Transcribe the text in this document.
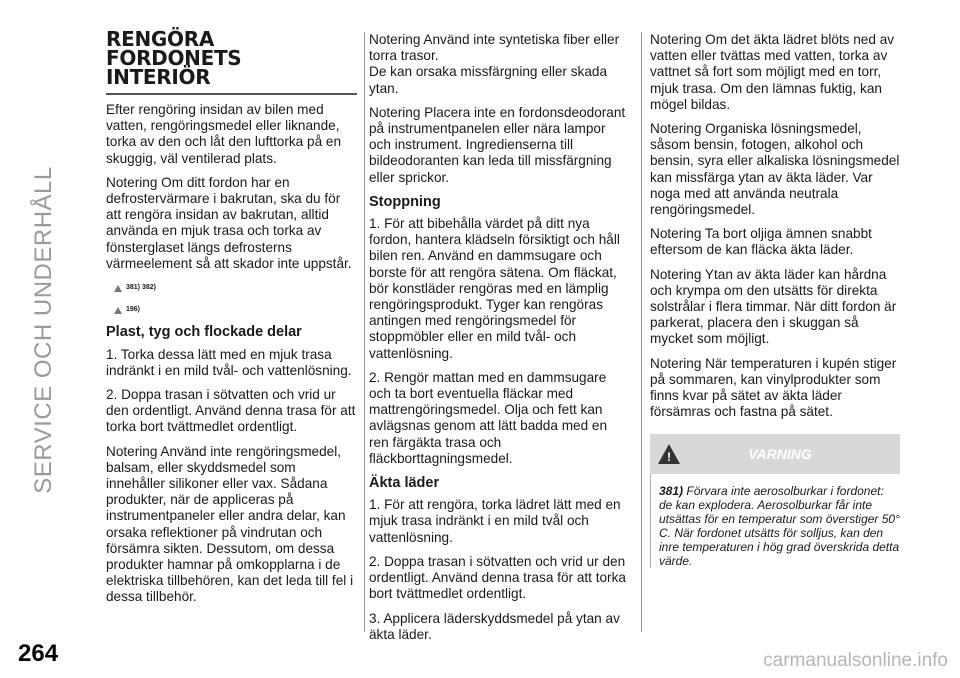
SERVICE OCH UNDERHÅLL
RENGÖRA
FORDONETS
INTERIÖR

Efter rengöring insidan av bilen med vatten, rengöringsmedel eller liknande, torka av den och låt den lufttorka på en skuggig, väl ventilerad plats.

Notering Om ditt fordon har en defrostervärmare i bakrutan, ska du för att rengöra insidan av bakrutan, alltid använda en mjuk trasa och torka av fönsterglaset längs defrosterns värmeelement så att skador inte uppstår.

381) 382)
196)
Plast, tyg och flockade delar

1. Torka dessa lätt med en mjuk trasa indränkt i en mild tvål- och vattenlösning.

2. Doppa trasan i sötvatten och vrid ur den ordentligt. Använd denna trasa för att torka bort tvättmedlet ordentligt.

Notering Använd inte rengöringsmedel, balsam, eller skyddsmedel som innehåller silikoner eller vax. Sådana produkter, när de appliceras på instrumentpaneler eller andra delar, kan orsaka reflektioner på vindrutan och försämra sikten. Dessutom, om dessa produkter hamnar på omkopplarna i de elektriska tillbehören, kan det leda till fel i dessa tillbehör.

Notering Använd inte syntetiska fiber eller torra trasor.
De kan orsaka missfärgning eller skada ytan.

Notering Placera inte en fordonsdeodorant på instrumentpanelen eller nära lampor och instrument. Ingredienserna till bildeodoranten kan leda till missfärgning eller sprickor.

Stoppning

1. För att bibehålla värdet på ditt nya fordon, hantera klädseln försiktigt och håll bilen ren. Använd en dammsugare och borste för att rengöra sätena. Om fläckat, bör konstläder rengöras med en lämplig rengöringsprodukt. Tyger kan rengöras antingen med rengöringsmedel för stoppmöbler eller en mild tvål- och vattenlösning.

2. Rengör mattan med en dammsugare och ta bort eventuella fläckar med mattrengöringsmedel. Olja och fett kan avlägsnas genom att lätt badda med en ren färgäkta trasa och fläckborttagningsmedel.

Äkta läder

1. För att rengöra, torka lädret lätt med en mjuk trasa indränkt i en mild tvål och vattenlösning.

2. Doppa trasan i sötvatten och vrid ur den ordentligt. Använd denna trasa för att torka bort tvättmedlet ordentligt.

3. Applicera läderskyddsmedel på ytan av äkta läder.

Notering Om det äkta lädret blöts ned av vatten eller tvättas med vatten, torka av vattnet så fort som möjligt med en torr, mjuk trasa. Om den lämnas fuktig, kan mögel bildas.

Notering Organiska lösningsmedel, såsom bensin, fotogen, alkohol och bensin, syra eller alkaliska lösningsmedel kan missfärga ytan av äkta läder. Var noga med att använda neutrala rengöringsmedel.

Notering Ta bort oljiga ämnen snabbt eftersom de kan fläcka äkta läder.

Notering Ytan av äkta läder kan hårdna och krympa om den utsätts för direkta solstrålar i flera timmar. När ditt fordon är parkerat, placera den i skuggan så mycket som möjligt.

Notering När temperaturen i kupén stiger på sommaren, kan vinylprodukter som finns kvar på sätet av äkta läder försämras och fastna på sätet.

!
VARNING
381) Förvara inte aerosolburkar i fordonet: de kan explodera. Aerosolburkar får inte utsättas för en temperatur som överstiger 50° C. När fordonet utsätts för solljus, kan den inre temperaturen i hög grad överskrida detta värde.
264	carmanualsonline.info
